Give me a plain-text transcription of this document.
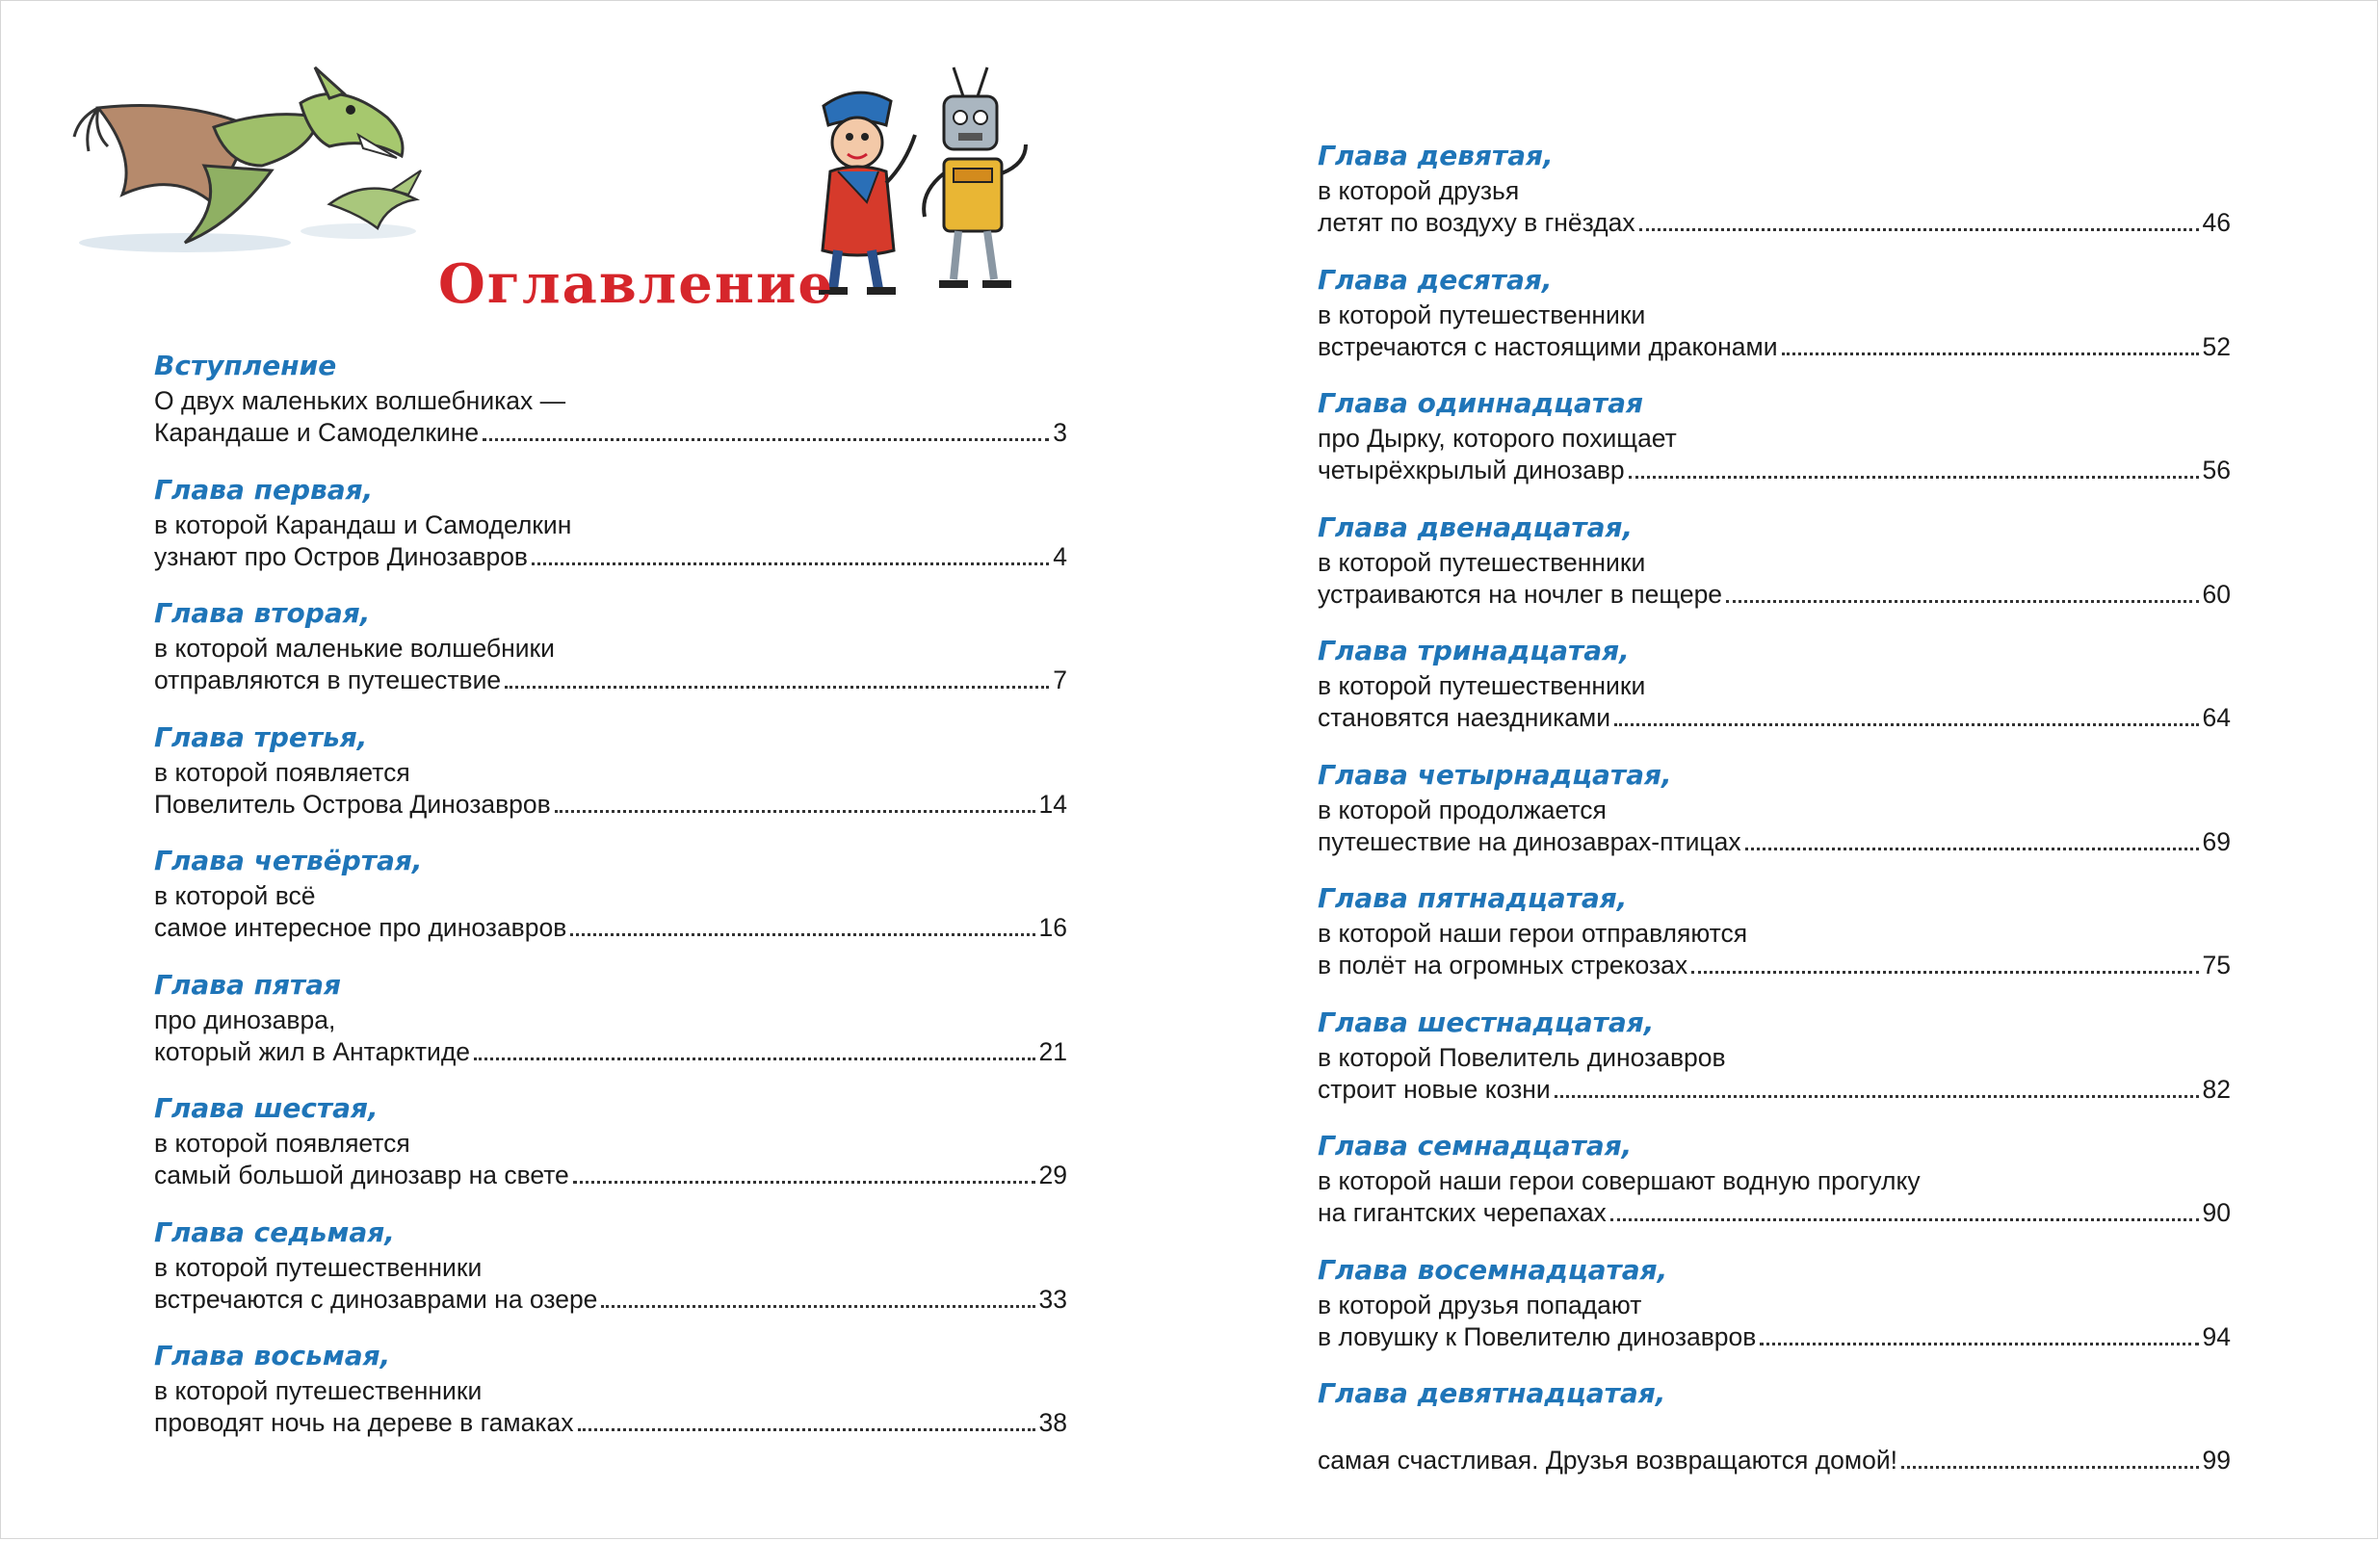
Оглавление
Вступление
О двух маленьких волшебниках —
Карандаше и Самоделкине	3
Глава первая,
в которой Карандаш и Самоделкин
узнают про Остров Динозавров	4
Глава вторая,
в которой маленькие волшебники
отправляются в путешествие	7
Глава третья,
в которой появляется
Повелитель Острова Динозавров	14
Глава четвёртая,
в которой всё
самое интересное про динозавров	16
Глава пятая
про динозавра,
который жил в Антарктиде	21
Глава шестая,
в которой появляется
самый большой динозавр на свете	29
Глава седьмая,
в которой путешественники
встречаются с динозаврами на озере	33
Глава восьмая,
в которой путешественники
проводят ночь на дереве в гамаках	38
Глава девятая,
в которой друзья
летят по воздуху в гнёздах	46
Глава десятая,
в которой путешественники
встречаются с настоящими драконами	52
Глава одиннадцатая
про Дырку, которого похищает
четырёхкрылый динозавр	56
Глава двенадцатая,
в которой путешественники
устраиваются на ночлег в пещере	60
Глава тринадцатая,
в которой путешественники
становятся наездниками	64
Глава четырнадцатая,
в которой продолжается
путешествие на динозаврах-птицах	69
Глава пятнадцатая,
в которой наши герои отправляются
в полёт на огромных стрекозах	75
Глава шестнадцатая,
в которой Повелитель динозавров
строит новые козни	82
Глава семнадцатая,
в которой наши герои совершают водную прогулку
на гигантских черепахах	90
Глава восемнадцатая,
в которой друзья попадают
в ловушку к Повелителю динозавров	94
Глава девятнадцатая,
самая счастливая. Друзья возвращаются домой!	99
